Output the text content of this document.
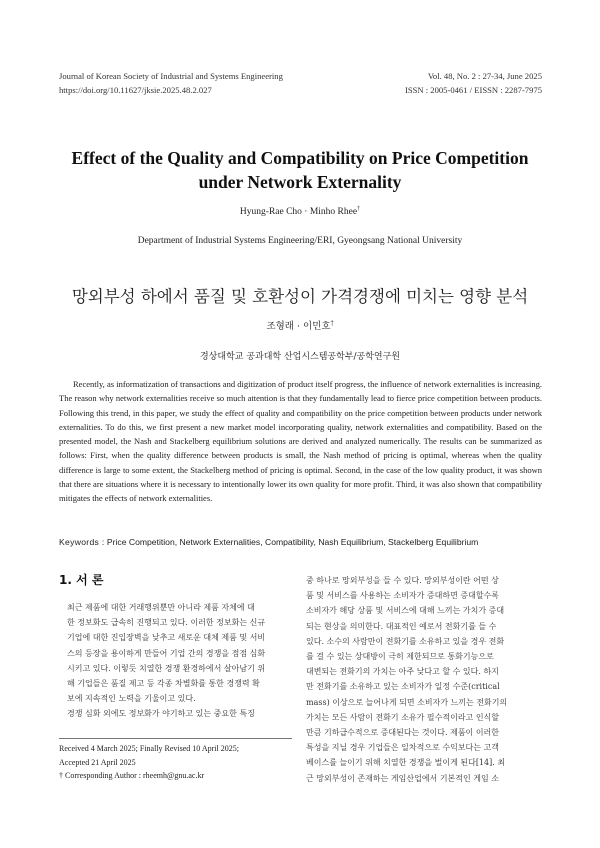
Journal of Korean Society of Industrial and Systems Engineering
https://doi.org/10.11627/jksie.2025.48.2.027
Vol. 48, No. 2 : 27-34, June 2025
ISSN : 2005-0461 / EISSN : 2287-7975
Effect of the Quality and Compatibility on Price Competition
under Network Externality
Hyung-Rae Cho · Minho Rhee†
Department of Industrial Systems Engineering/ERI, Gyeongsang National University
망외부성 하에서 품질 및 호환성이 가격경쟁에 미치는 영향 분석
조형래 · 이민호†
경상대학교 공과대학 산업시스템공학부/공학연구원

Recently, as informatization of transactions and digitization of product itself progress, the influence of network externalities is increasing. The reason why network externalities receive so much attention is that they fundamentally lead to fierce price competition between products. Following this trend, in this paper, we study the effect of quality and compatibility on the price competition between products under network externalities. To do this, we first present a new market model incorporating quality, network externalities and compatibility. Based on the presented model, the Nash and Stackelberg equilibrium solutions are derived and analyzed numerically. The results can be summarized as follows: First, when the quality difference between products is small, the Nash method of pricing is optimal, whereas when the quality difference is large to some extent, the Stackelberg method of pricing is optimal. Second, in the case of the low quality product, it was shown that there are situations where it is necessary to intentionally lower its own quality for more profit. Third, it was also shown that compatibility mitigates the effects of network externalities.

Keywords : Price Competition, Network Externalities, Compatibility, Nash Equilibrium, Stackelberg Equilibrium
1. 서 론

최근 제품에 대한 거래행위뿐만 아니라 제품 자체에 대
한 정보화도 급속히 진행되고 있다. 이러한 정보화는 신규
기업에 대한 진입장벽을 낮추고 새로운 대체 제품 및 서비
스의 등장을 용이하게 만들어 기업 간의 경쟁을 점점 심화
시키고 있다. 이렇듯 치열한 경쟁 환경하에서 살아남기 위
해 기업들은 품질 제고 등 각종 차별화를 통한 경쟁력 확
보에 지속적인 노력을 기울이고 있다.

경쟁 심화 외에도 정보화가 야기하고 있는 중요한 특징

중 하나로 망외부성을 들 수 있다. 망외부성이란 어떤 상
품 및 서비스를 사용하는 소비자가 증대하면 증대할수록
소비자가 해당 상품 및 서비스에 대해 느끼는 가치가 증대
되는 현상을 의미한다. 대표적인 예로서 전화기를 들 수
있다. 소수의 사람만이 전화기를 소유하고 있을 경우 전화
를 걸 수 있는 상대방이 극히 제한되므로 통화기능으로
대변되는 전화기의 가치는 아주 낮다고 할 수 있다. 하지
만 전화기를 소유하고 있는 소비자가 일정 수준(critical
mass) 이상으로 늘어나게 되면 소비자가 느끼는 전화기의
가치는 모든 사람이 전화기 소유가 필수적이라고 인식할
만큼 기하급수적으로 증대된다는 것이다. 제품이 이러한
특성을 지닐 경우 기업들은 일차적으로 수익보다는 고객
베이스를 늘이기 위해 치열한 경쟁을 벌이게 된다[14]. 최
근 망외부성이 존재하는 게임산업에서 기본적인 게임 소

Received 4 March 2025; Finally Revised 10 April 2025;
Accepted 21 April 2025
† Corresponding Author : rheemh@gnu.ac.kr
